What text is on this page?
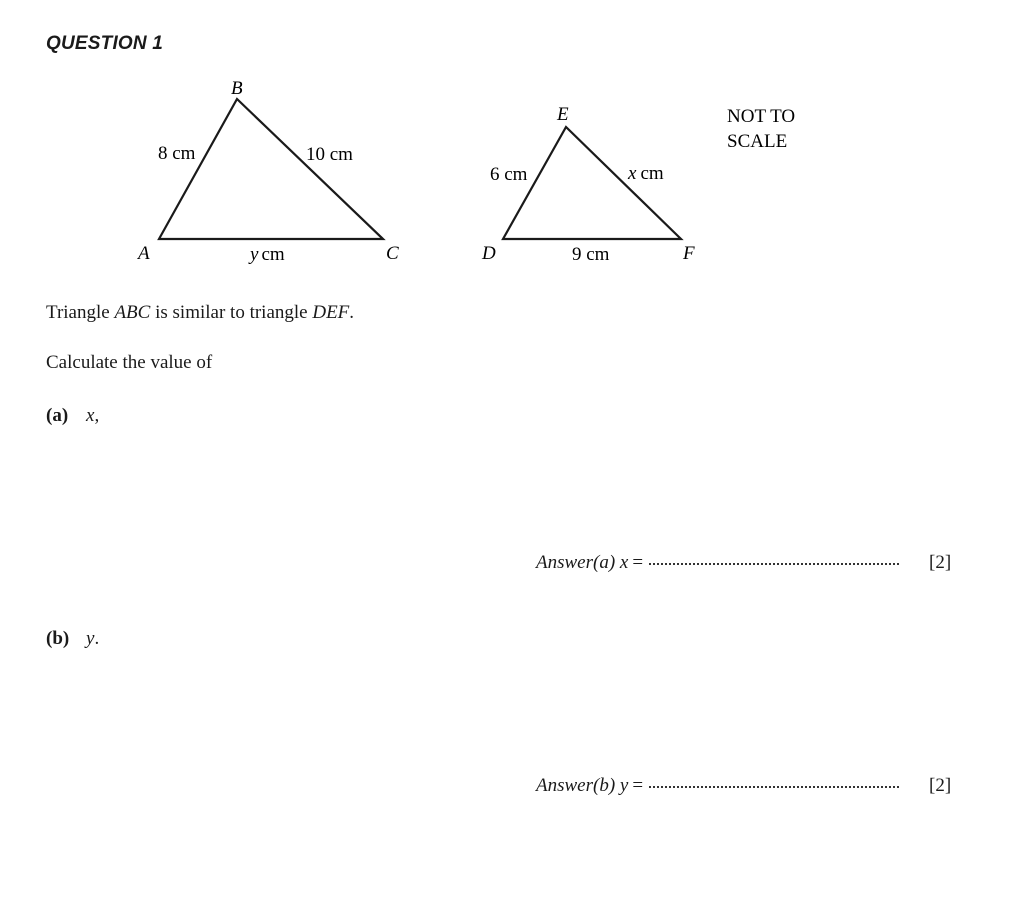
QUESTION 1
B
A	C
8 cm	10 cm
y cm
E
D	F
6 cm	x cm
9 cm
NOT TO
SCALE
Triangle ABC is similar to triangle DEF.
Calculate the value of
(a) x,
Answer(a) x =	[2]
(b) y.
Answer(b) y =	[2]
